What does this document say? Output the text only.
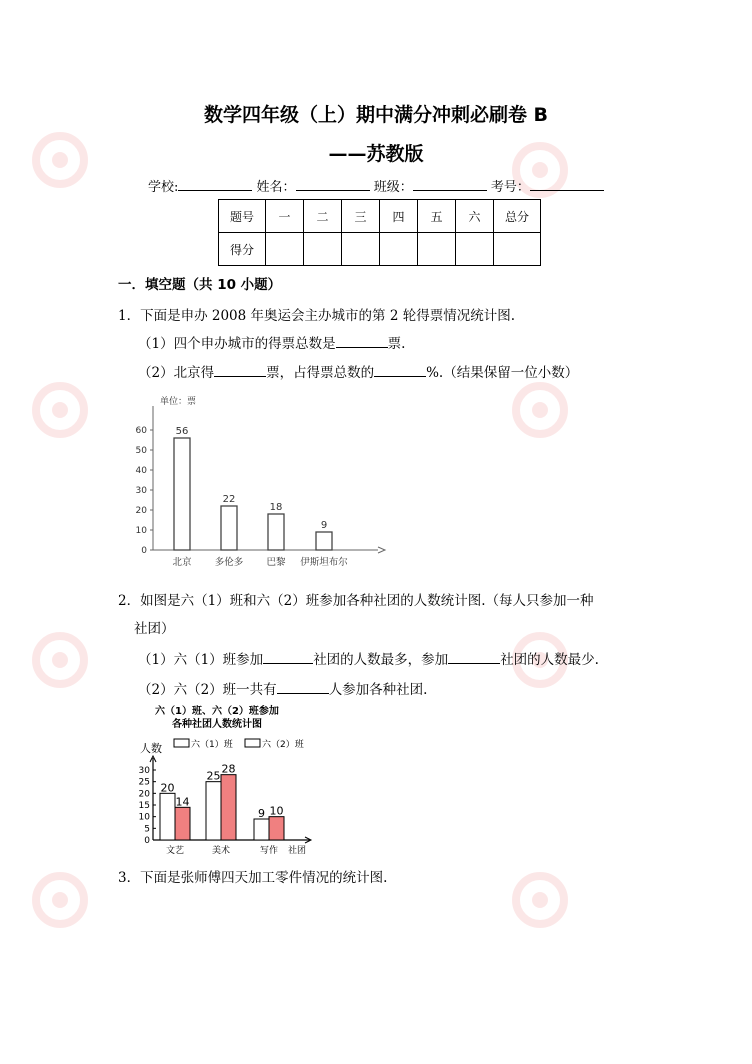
数学四年级（上）期中满分冲刺必刷卷 B
——苏教版
学校:	姓名：	班级：	考号：
题号	一	二	三	四	五	六	总分
得分							
一．填空题（共 10 小题）
1．下面是申办 2008 年奥运会主办城市的第 2 轮得票情况统计图.
（1）四个申办城市的得票总数是	票.
（2）北京得	票，占得票总数的	%.（结果保留一位小数）
单位：票
0
10
20
30
40
50
60	56
北京
22
多伦多
18
巴黎
9
伊斯坦布尔
2．如图是六（1）班和六（2）班参加各种社团的人数统计图.（每人只参加一种
社团）
（1）六（1）班参加	社团的人数最多，参加	社团的人数最少.
（2）六（2）班一共有	人参加各种社团.
六（1）班、六（2）班参加
各种社团人数统计图
人数	六（1）班	六（2）班
社团
0
5
10
15
20
25
30
20
14
文艺
25
28
美术
9 10
写作
3．下面是张师傅四天加工零件情况的统计图.
